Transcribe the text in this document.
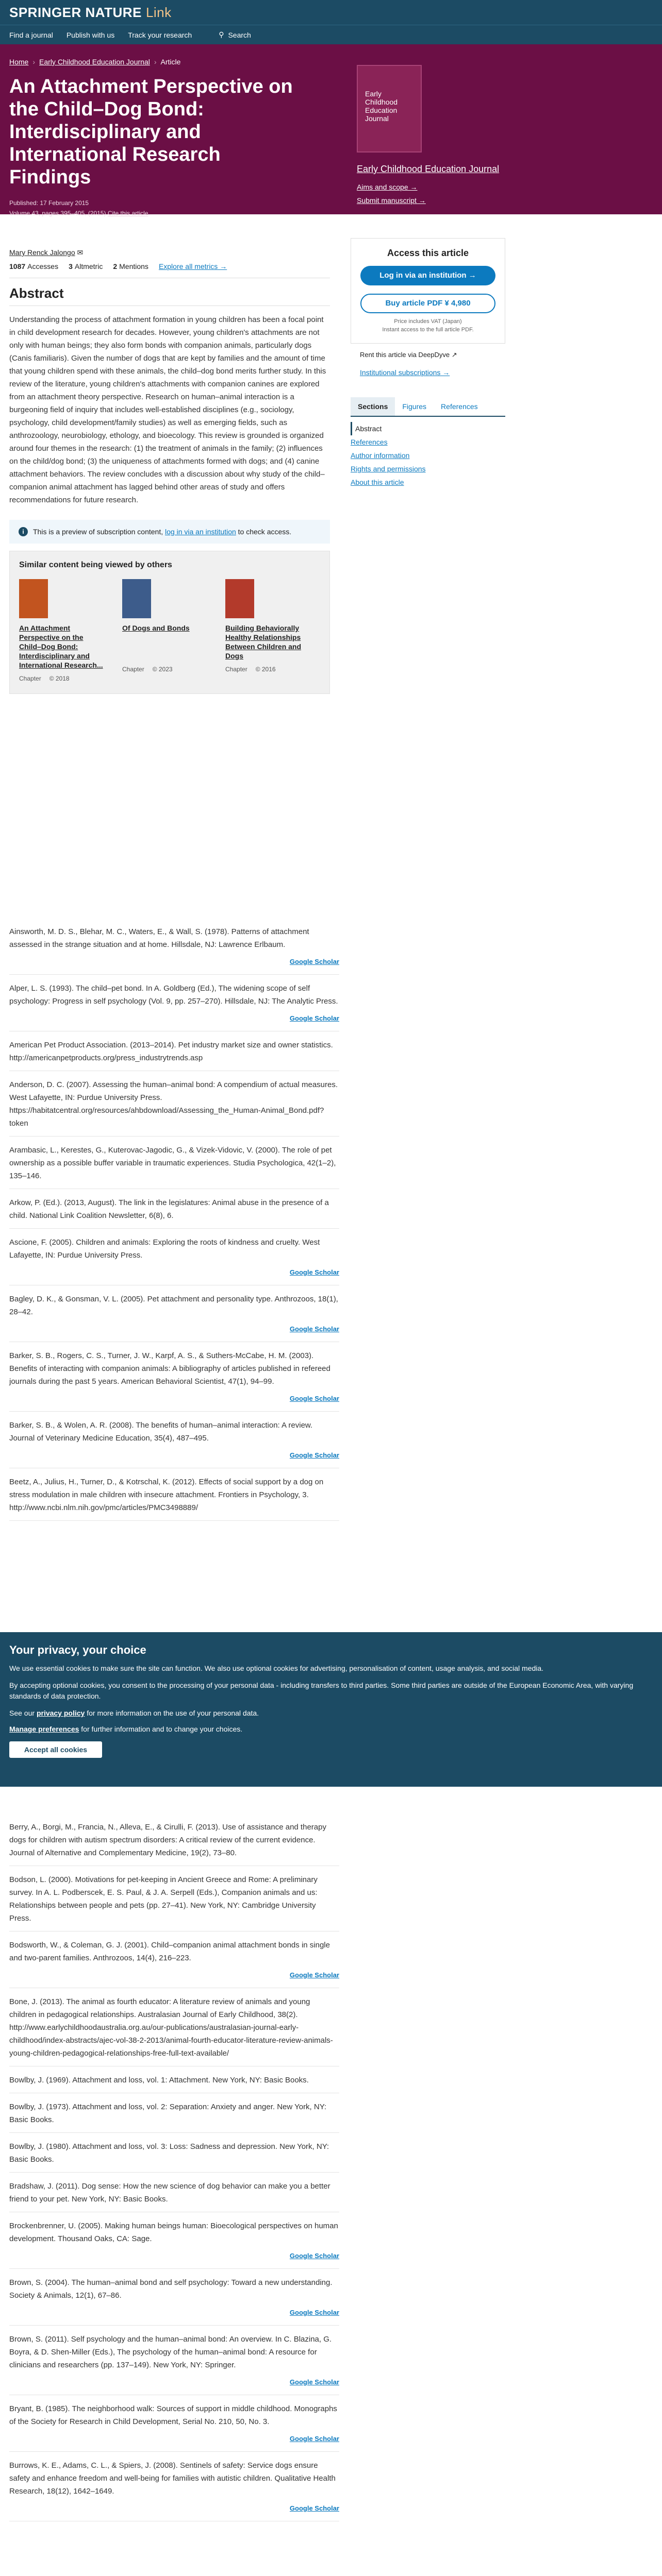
SPRINGER NATURE Link
Find a journal Publish with us Track your research	⚲ Search
Home › Early Childhood Education Journal › Article
An Attachment Perspective on the Child–Dog Bond: Interdisciplinary and International Research Findings
Published: 17 February 2015
Volume 43, pages 395–405, (2015) Cite this article
Early Childhood Education Journal
Early Childhood Education Journal
Aims and scope →
Submit manuscript →
Mary Renck Jalongo ✉
1087 Accesses 3 Altmetric 2 Mentions Explore all metrics →
Abstract

Understanding the process of attachment formation in young children has been a focal point in child development research for decades. However, young children's attachments are not only with human beings; they also form bonds with companion animals, particularly dogs (Canis familiaris). Given the number of dogs that are kept by families and the amount of time that young children spend with these animals, the child–dog bond merits further study. In this review of the literature, young children's attachments with companion canines are explored from an attachment theory perspective. Research on human–animal interaction is a burgeoning field of inquiry that includes well-established disciplines (e.g., sociology, psychology, child development/family studies) as well as emerging fields, such as anthrozoology, neurobiology, ethology, and bioecology. This review is grounded is organized around four themes in the research: (1) the treatment of animals in the family; (2) influences on the child/dog bond; (3) the uniqueness of attachments formed with dogs; and (4) canine attachment behaviors. The review concludes with a discussion about why study of the child–companion animal attachment has lagged behind other areas of study and offers recommendations for future research.

i	This is a preview of subscription content, log in via an institution to check access.
Similar content being viewed by others
An Attachment Perspective on the Child–Dog Bond: Interdisciplinary and International Research...
Chapter © 2018
Of Dogs and Bonds
Chapter © 2023
Building Behaviorally Healthy Relationships Between Children and Dogs
Chapter © 2016
Access this article
Log in via an institution →
Buy article PDF ¥ 4,980
Price includes VAT (Japan)
Instant access to the full article PDF.
Rent this article via DeepDyve ↗
Institutional subscriptions →
Sections	Figures	References
Abstract
References
Author information
Rights and permissions
About this article
Ainsworth, M. D. S., Blehar, M. C., Waters, E., & Wall, S. (1978). Patterns of attachment assessed in the strange situation and at home. Hillsdale, NJ: Lawrence Erlbaum.
Google Scholar
Alper, L. S. (1993). The child–pet bond. In A. Goldberg (Ed.), The widening scope of self psychology: Progress in self psychology (Vol. 9, pp. 257–270). Hillsdale, NJ: The Analytic Press.
Google Scholar
American Pet Product Association. (2013–2014). Pet industry market size and owner statistics. http://americanpetproducts.org/press_industrytrends.asp
Anderson, D. C. (2007). Assessing the human–animal bond: A compendium of actual measures. West Lafayette, IN: Purdue University Press. https://habitatcentral.org/resources/ahbdownload/Assessing_the_Human-Animal_Bond.pdf?token
Arambasic, L., Kerestes, G., Kuterovac-Jagodic, G., & Vizek-Vidovic, V. (2000). The role of pet ownership as a possible buffer variable in traumatic experiences. Studia Psychologica, 42(1–2), 135–146.
Arkow, P. (Ed.). (2013, August). The link in the legislatures: Animal abuse in the presence of a child. National Link Coalition Newsletter, 6(8), 6.
Ascione, F. (2005). Children and animals: Exploring the roots of kindness and cruelty. West Lafayette, IN: Purdue University Press.
Google Scholar
Bagley, D. K., & Gonsman, V. L. (2005). Pet attachment and personality type. Anthrozoos, 18(1), 28–42.
Google Scholar
Barker, S. B., Rogers, C. S., Turner, J. W., Karpf, A. S., & Suthers-McCabe, H. M. (2003). Benefits of interacting with companion animals: A bibliography of articles published in refereed journals during the past 5 years. American Behavioral Scientist, 47(1), 94–99.
Google Scholar
Barker, S. B., & Wolen, A. R. (2008). The benefits of human–animal interaction: A review. Journal of Veterinary Medicine Education, 35(4), 487–495.
Google Scholar
Beetz, A., Julius, H., Turner, D., & Kotrschal, K. (2012). Effects of social support by a dog on stress modulation in male children with insecure attachment. Frontiers in Psychology, 3. http://www.ncbi.nlm.nih.gov/pmc/articles/PMC3498889/
Your privacy, your choice

We use essential cookies to make sure the site can function. We also use optional cookies for advertising, personalisation of content, usage analysis, and social media.

By accepting optional cookies, you consent to the processing of your personal data - including transfers to third parties. Some third parties are outside of the European Economic Area, with varying standards of data protection.

See our privacy policy for more information on the use of your personal data.

Manage preferences for further information and to change your choices.
Accept all cookies
Berry, A., Borgi, M., Francia, N., Alleva, E., & Cirulli, F. (2013). Use of assistance and therapy dogs for children with autism spectrum disorders: A critical review of the current evidence. Journal of Alternative and Complementary Medicine, 19(2), 73–80.
Bodson, L. (2000). Motivations for pet-keeping in Ancient Greece and Rome: A preliminary survey. In A. L. Podberscek, E. S. Paul, & J. A. Serpell (Eds.), Companion animals and us: Relationships between people and pets (pp. 27–41). New York, NY: Cambridge University Press.
Bodsworth, W., & Coleman, G. J. (2001). Child–companion animal attachment bonds in single and two-parent families. Anthrozoos, 14(4), 216–223.
Google Scholar
Bone, J. (2013). The animal as fourth educator: A literature review of animals and young children in pedagogical relationships. Australasian Journal of Early Childhood, 38(2). http://www.earlychildhoodaustralia.org.au/our-publications/australasian-journal-early-childhood/index-abstracts/ajec-vol-38-2-2013/animal-fourth-educator-literature-review-animals-young-children-pedagogical-relationships-free-full-text-available/
Bowlby, J. (1969). Attachment and loss, vol. 1: Attachment. New York, NY: Basic Books.
Bowlby, J. (1973). Attachment and loss, vol. 2: Separation: Anxiety and anger. New York, NY: Basic Books.
Bowlby, J. (1980). Attachment and loss, vol. 3: Loss: Sadness and depression. New York, NY: Basic Books.
Bradshaw, J. (2011). Dog sense: How the new science of dog behavior can make you a better friend to your pet. New York, NY: Basic Books.
Brockenbrenner, U. (2005). Making human beings human: Bioecological perspectives on human development. Thousand Oaks, CA: Sage.
Google Scholar
Brown, S. (2004). The human–animal bond and self psychology: Toward a new understanding. Society & Animals, 12(1), 67–86.
Google Scholar
Brown, S. (2011). Self psychology and the human–animal bond: An overview. In C. Blazina, G. Boyra, & D. Shen-Miller (Eds.), The psychology of the human–animal bond: A resource for clinicians and researchers (pp. 137–149). New York, NY: Springer.
Google Scholar
Bryant, B. (1985). The neighborhood walk: Sources of support in middle childhood. Monographs of the Society for Research in Child Development, Serial No. 210, 50, No. 3.
Google Scholar
Burrows, K. E., Adams, C. L., & Spiers, J. (2008). Sentinels of safety: Service dogs ensure safety and enhance freedom and well-being for families with autistic children. Qualitative Health Research, 18(12), 1642–1649.
Google Scholar
